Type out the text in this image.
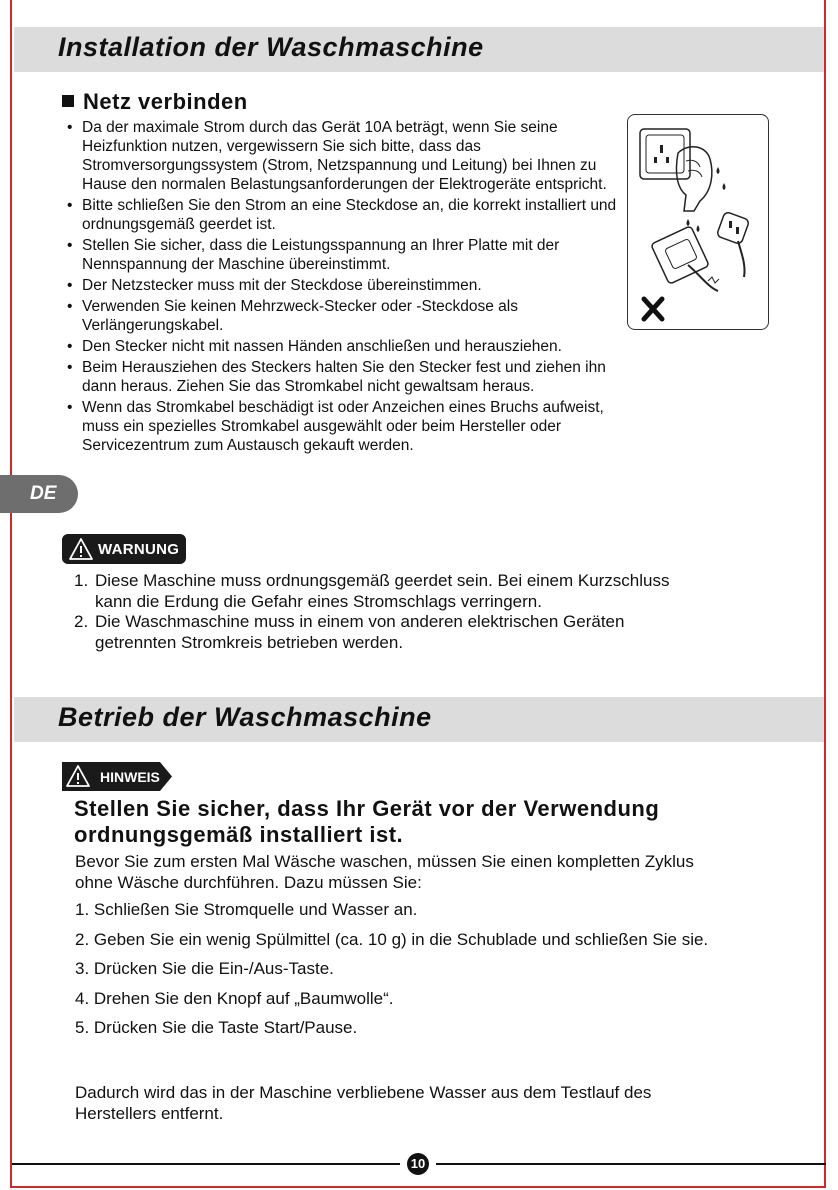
Installation der Waschmaschine
Netz verbinden
• Da der maximale Strom durch das Gerät 10A beträgt, wenn Sie seine Heizfunktion nutzen, vergewissern Sie sich bitte, dass das Stromversorgungssystem (Strom, Netzspannung und Leitung) bei Ihnen zu Hause den normalen Belastungsanforderungen der Elektrogeräte entspricht.
• Bitte schließen Sie den Strom an eine Steckdose an, die korrekt installiert und ordnungsgemäß geerdet ist.
• Stellen Sie sicher, dass die Leistungsspannung an Ihrer Platte mit der Nennspannung der Maschine übereinstimmt.
• Der Netzstecker muss mit der Steckdose übereinstimmen.
• Verwenden Sie keinen Mehrzweck-Stecker oder -Steckdose als Verlängerungskabel.
• Den Stecker nicht mit nassen Händen anschließen und herausziehen.
• Beim Herausziehen des Steckers halten Sie den Stecker fest und ziehen ihn dann heraus. Ziehen Sie das Stromkabel nicht gewaltsam heraus.
• Wenn das Stromkabel beschädigt ist oder Anzeichen eines Bruchs aufweist, muss ein spezielles Stromkabel ausgewählt oder beim Hersteller oder Servicezentrum zum Austausch gekauft werden.
DE
WARNUNG
1. Diese Maschine muss ordnungsgemäß geerdet sein. Bei einem Kurzschluss kann die Erdung die Gefahr eines Stromschlags verringern.
2. Die Waschmaschine muss in einem von anderen elektrischen Geräten getrennten Stromkreis betrieben werden.
Betrieb der Waschmaschine
HINWEIS
Stellen Sie sicher, dass Ihr Gerät vor der Verwendung ordnungsgemäß installiert ist.
Bevor Sie zum ersten Mal Wäsche waschen, müssen Sie einen kompletten Zyklus ohne Wäsche durchführen. Dazu müssen Sie:
1. Schließen Sie Stromquelle und Wasser an.
2. Geben Sie ein wenig Spülmittel (ca. 10 g) in die Schublade und schließen Sie sie.
3. Drücken Sie die Ein-/Aus-Taste.
4. Drehen Sie den Knopf auf „Baumwolle“.
5. Drücken Sie die Taste Start/Pause.
Dadurch wird das in der Maschine verbliebene Wasser aus dem Testlauf des Herstellers entfernt.
10
